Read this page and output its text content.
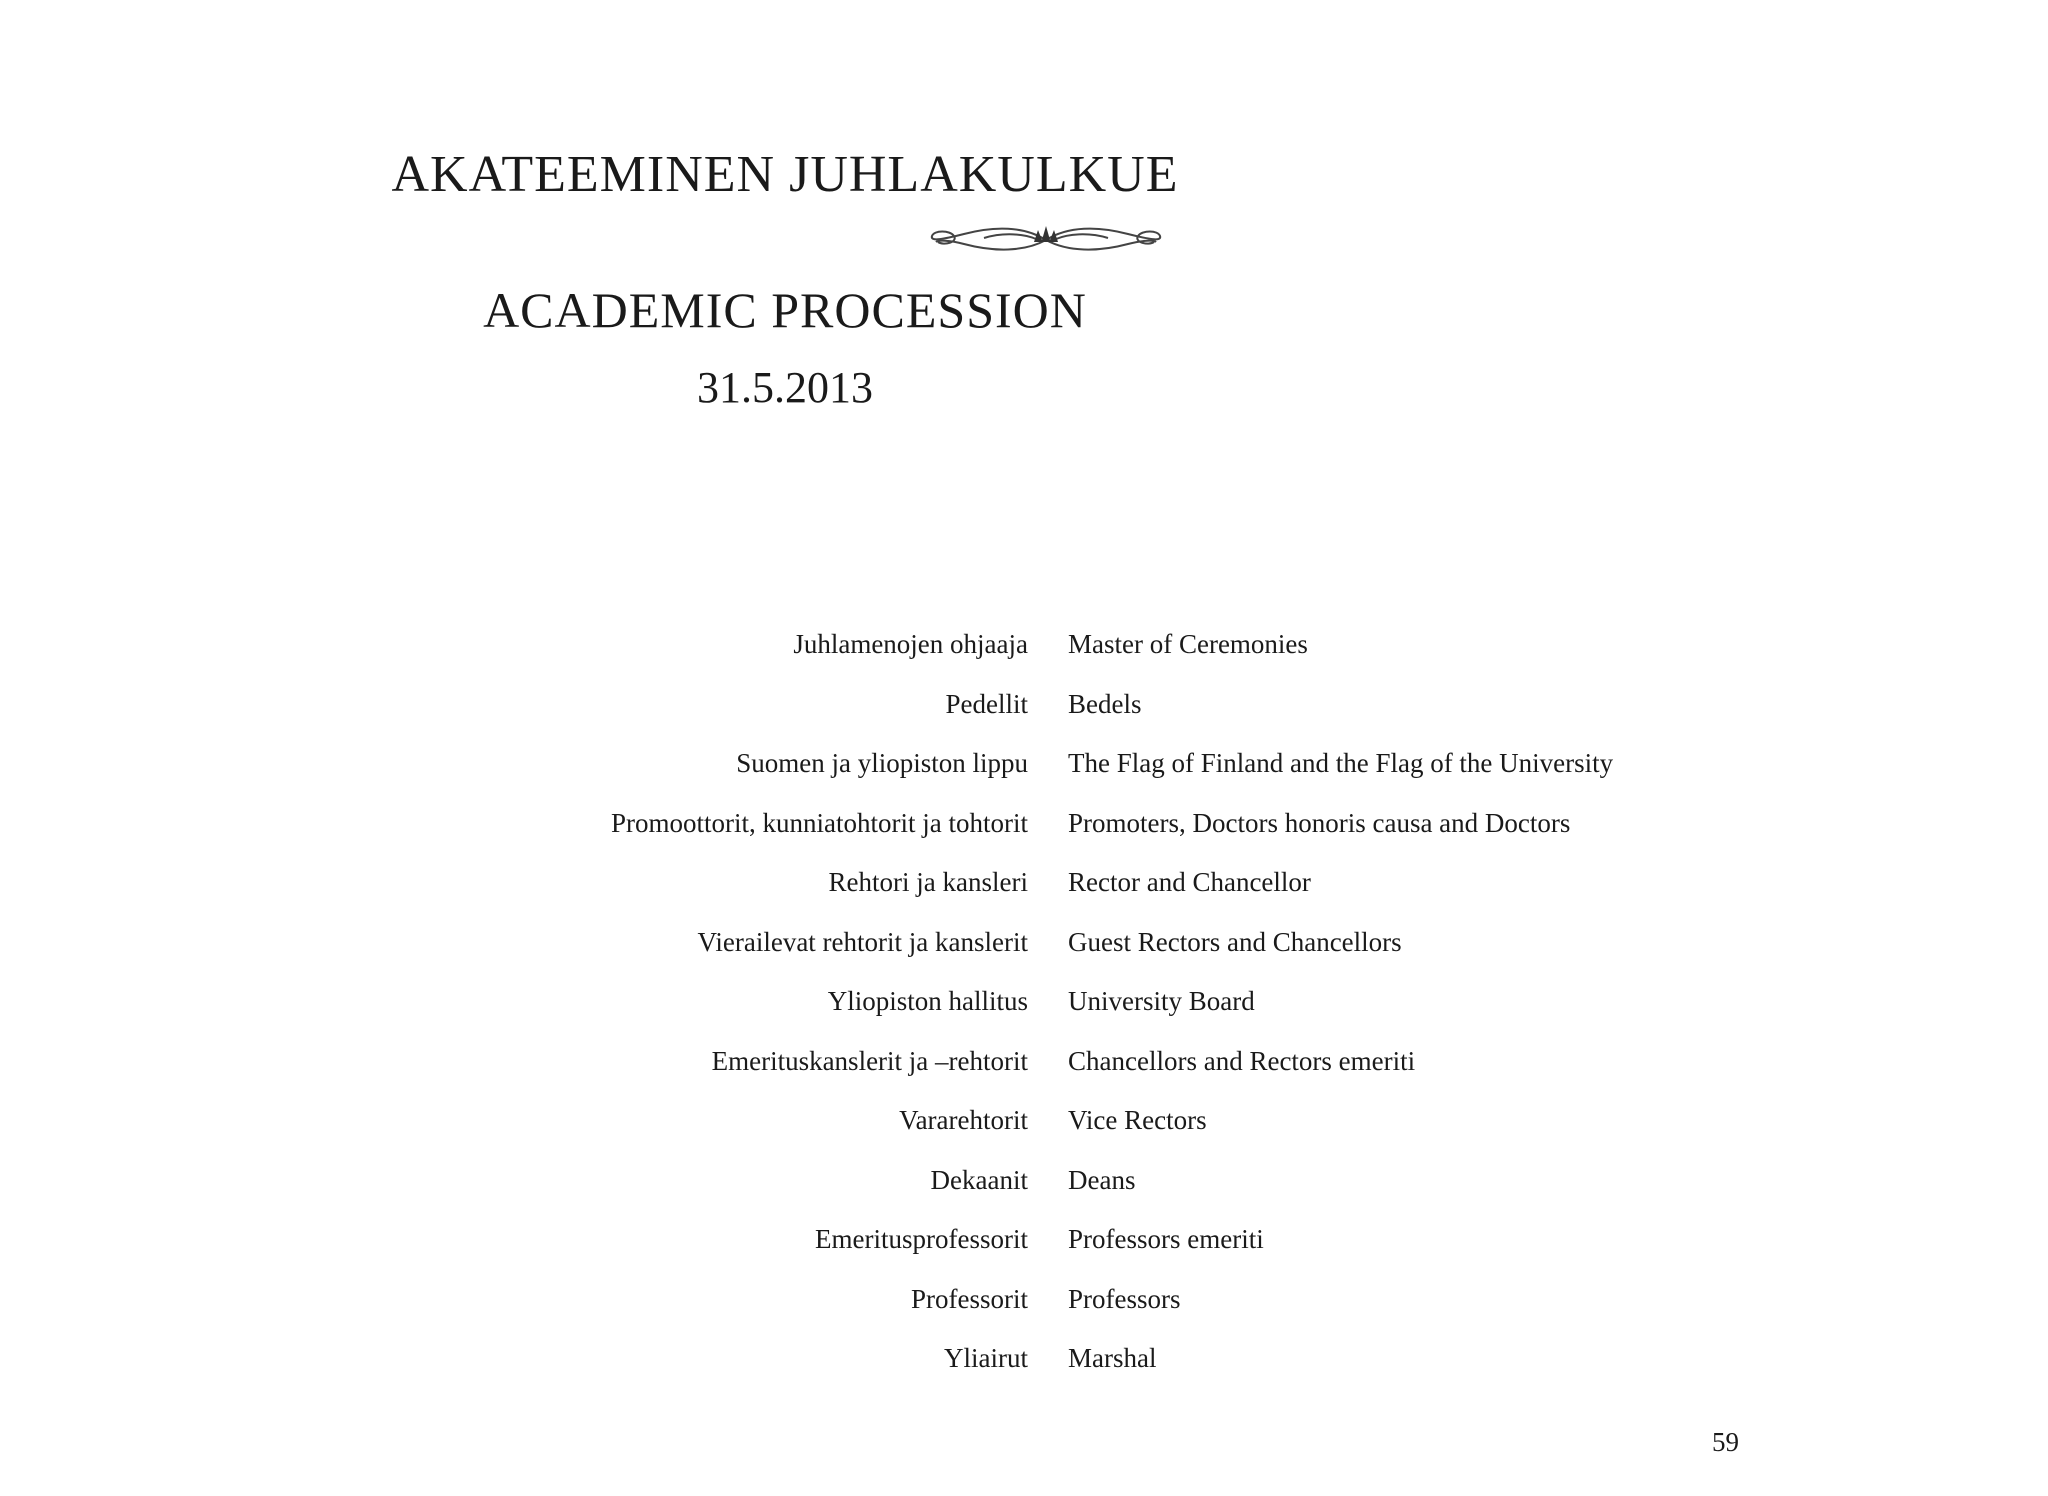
AKATEEMINEN JUHLAKULKUE
ACADEMIC PROCESSION
31.5.2013
Juhlamenojen ohjaaja Master of Ceremonies
Pedellit Bedels
Suomen ja yliopiston lippu The Flag of Finland and the Flag of the University
Promoottorit, kunniatohtorit ja tohtorit Promoters, Doctors honoris causa and Doctors
Rehtori ja kansleri Rector and Chancellor
Vierailevat rehtorit ja kanslerit Guest Rectors and Chancellors
Yliopiston hallitus University Board
Emerituskanslerit ja –rehtorit Chancellors and Rectors emeriti
Vararehtorit Vice Rectors
Dekaanit Deans
Emeritusprofessorit Professors emeriti
Professorit Professors
Yliairut Marshal
59
